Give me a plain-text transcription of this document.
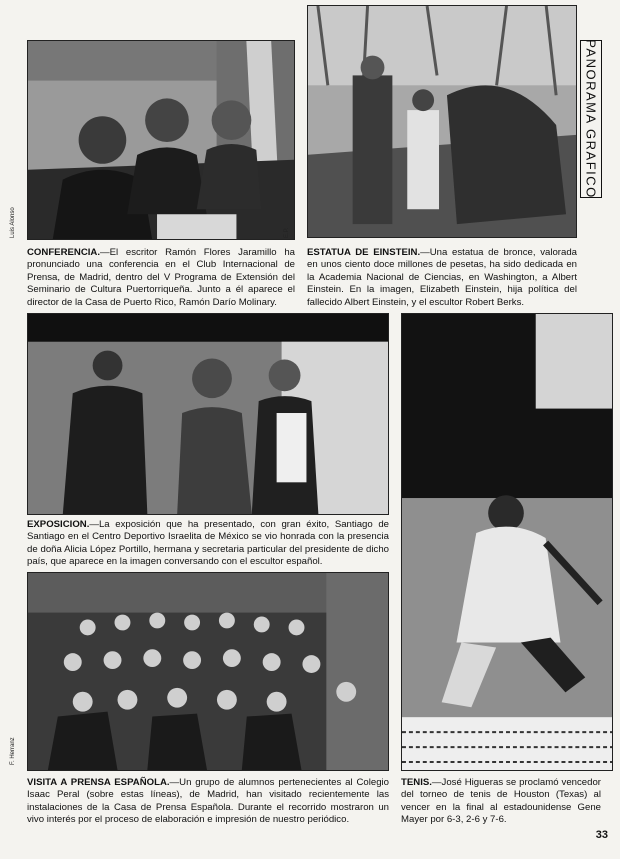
PANORAMA GRAFICO
Luis Alonso	E.P.

CONFERENCIA.—El escritor Ramón Flores Jaramillo ha pronunciado una conferencia en el Club Internacional de Prensa, de Madrid, dentro del V Programa de Extensión del Seminario de Cultura Puertorriqueña. Junto a él aparece el director de la Casa de Puerto Rico, Ramón Darío Molinary.

ESTATUA DE EINSTEIN.—Una estatua de bronce, valorada en unos ciento doce millones de pesetas, ha sido dedicada en la Academia Nacional de Ciencias, en Washington, a Albert Einstein. En la imagen, Elizabeth Einstein, hija política del fallecido Albert Einstein, y el escultor Robert Berks.

EXPOSICION.—La exposición que ha presentado, con gran éxito, Santiago de Santiago en el Centro Deportivo Israelita de México se vio honrada con la presencia de doña Alicia López Portillo, hermana y secretaria particular del presidente de dicho país, que aparece en la imagen conversando con el escultor español.

F. Herranz

VISITA A PRENSA ESPAÑOLA.—Un grupo de alumnos pertenecientes al Colegio Isaac Peral (sobre estas líneas), de Madrid, han visitado recientemente las instalaciones de la Casa de Prensa Española. Durante el recorrido mostraron un vivo interés por el proceso de elaboración e impresión de nuestro periódico.

TENIS.—José Higueras se proclamó vencedor del torneo de tenis de Houston (Texas) al vencer en la final al estadounidense Gene Mayer por 6-3, 2-6 y 7-6.

33
